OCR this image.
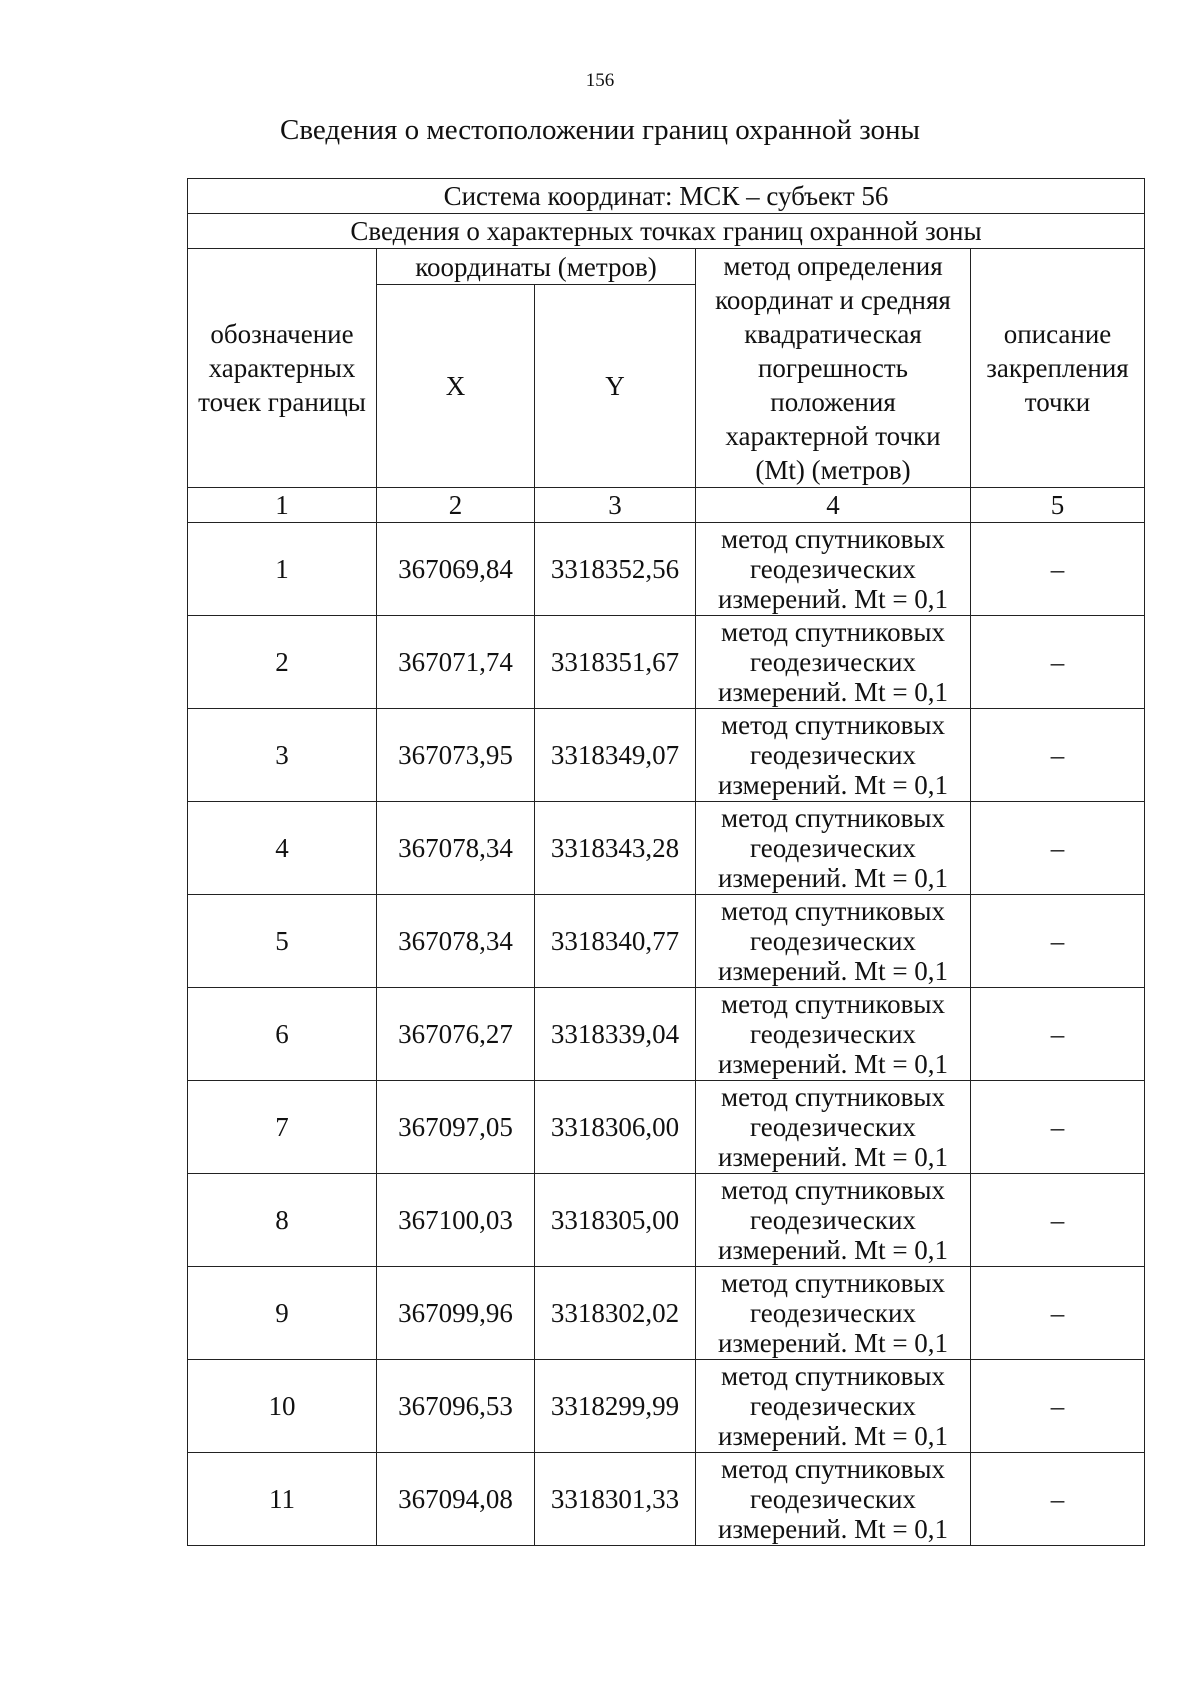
156
Сведения о местоположении границ охранной зоны
Система координат: МСК – субъект 56				
Сведения о характерных точках границ охранной зоны				
обозначение характерных точек границы	координаты (метров)		метод определения координат и средняя квадратическая погрешность положения характерной точки (Mt) (метров)	описание закрепления точки
	X	Y		
1	2	3	4	5
1	367069,84	3318352,56	метод спутниковых геодезических измерений. Mt = 0,1	–
2	367071,74	3318351,67	метод спутниковых геодезических измерений. Mt = 0,1	–
3	367073,95	3318349,07	метод спутниковых геодезических измерений. Mt = 0,1	–
4	367078,34	3318343,28	метод спутниковых геодезических измерений. Mt = 0,1	–
5	367078,34	3318340,77	метод спутниковых геодезических измерений. Mt = 0,1	–
6	367076,27	3318339,04	метод спутниковых геодезических измерений. Mt = 0,1	–
7	367097,05	3318306,00	метод спутниковых геодезических измерений. Mt = 0,1	–
8	367100,03	3318305,00	метод спутниковых геодезических измерений. Mt = 0,1	–
9	367099,96	3318302,02	метод спутниковых геодезических измерений. Mt = 0,1	–
10	367096,53	3318299,99	метод спутниковых геодезических измерений. Mt = 0,1	–
11	367094,08	3318301,33	метод спутниковых геодезических измерений. Mt = 0,1	–
